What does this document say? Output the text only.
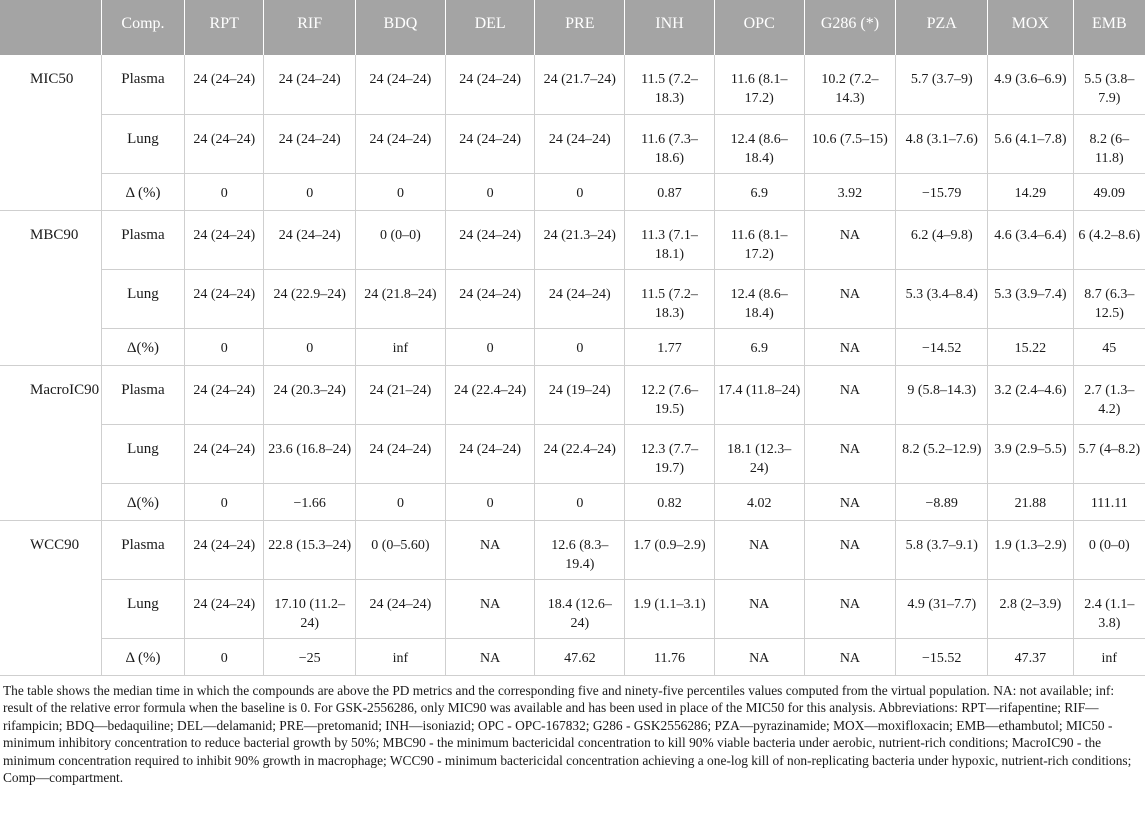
	Comp.	RPT	RIF	BDQ	DEL	PRE	INH	OPC	G286 (*)	PZA	MOX	EMB
MIC50	Plasma	24 (24–24)	24 (24–24)	24 (24–24)	24 (24–24)	24 (21.7–24)	11.5 (7.2–18.3)	11.6 (8.1–17.2)	10.2 (7.2–14.3)	5.7 (3.7–9)	4.9 (3.6–6.9)	5.5 (3.8–7.9)
	Lung	24 (24–24)	24 (24–24)	24 (24–24)	24 (24–24)	24 (24–24)	11.6 (7.3–18.6)	12.4 (8.6–18.4)	10.6 (7.5–15)	4.8 (3.1–7.6)	5.6 (4.1–7.8)	8.2 (6–11.8)
	Δ (%)	0	0	0	0	0	0.87	6.9	3.92	−15.79	14.29	49.09
MBC90	Plasma	24 (24–24)	24 (24–24)	0 (0–0)	24 (24–24)	24 (21.3–24)	11.3 (7.1–18.1)	11.6 (8.1–17.2)	NA	6.2 (4–9.8)	4.6 (3.4–6.4)	6 (4.2–8.6)
	Lung	24 (24–24)	24 (22.9–24)	24 (21.8–24)	24 (24–24)	24 (24–24)	11.5 (7.2–18.3)	12.4 (8.6–18.4)	NA	5.3 (3.4–8.4)	5.3 (3.9–7.4)	8.7 (6.3–12.5)
	Δ(%)	0	0	inf	0	0	1.77	6.9	NA	−14.52	15.22	45
MacroIC90	Plasma	24 (24–24)	24 (20.3–24)	24 (21–24)	24 (22.4–24)	24 (19–24)	12.2 (7.6–19.5)	17.4 (11.8–24)	NA	9 (5.8–14.3)	3.2 (2.4–4.6)	2.7 (1.3–4.2)
	Lung	24 (24–24)	23.6 (16.8–24)	24 (24–24)	24 (24–24)	24 (22.4–24)	12.3 (7.7–19.7)	18.1 (12.3–24)	NA	8.2 (5.2–12.9)	3.9 (2.9–5.5)	5.7 (4–8.2)
	Δ(%)	0	−1.66	0	0	0	0.82	4.02	NA	−8.89	21.88	111.11
WCC90	Plasma	24 (24–24)	22.8 (15.3–24)	0 (0–5.60)	NA	12.6 (8.3–19.4)	1.7 (0.9–2.9)	NA	NA	5.8 (3.7–9.1)	1.9 (1.3–2.9)	0 (0–0)
	Lung	24 (24–24)	17.10 (11.2–24)	24 (24–24)	NA	18.4 (12.6–24)	1.9 (1.1–3.1)	NA	NA	4.9 (31–7.7)	2.8 (2–3.9)	2.4 (1.1–3.8)
	Δ (%)	0	−25	inf	NA	47.62	11.76	NA	NA	−15.52	47.37	inf
The table shows the median time in which the compounds are above the PD metrics and the corresponding five and ninety-five percentiles values computed from the virtual population. NA: not available; inf: result of the relative error formula when the baseline is 0. For GSK-2556286, only MIC90 was available and has been used in place of the MIC50 for this analysis. Abbreviations: RPT—rifapentine; RIF—rifampicin; BDQ—bedaquiline; DEL—delamanid; PRE—pretomanid; INH—isoniazid; OPC - OPC-167832; G286 - GSK2556286; PZA—pyrazinamide; MOX—moxifloxacin; EMB—ethambutol; MIC50 - minimum inhibitory concentration to reduce bacterial growth by 50%; MBC90 - the minimum bactericidal concentration to kill 90% viable bacteria under aerobic, nutrient-rich conditions; MacroIC90 - the minimum concentration required to inhibit 90% growth in macrophage; WCC90 - minimum bactericidal concentration achieving a one-log kill of non-replicating bacteria under hypoxic, nutrient-rich conditions; Comp—compartment.
